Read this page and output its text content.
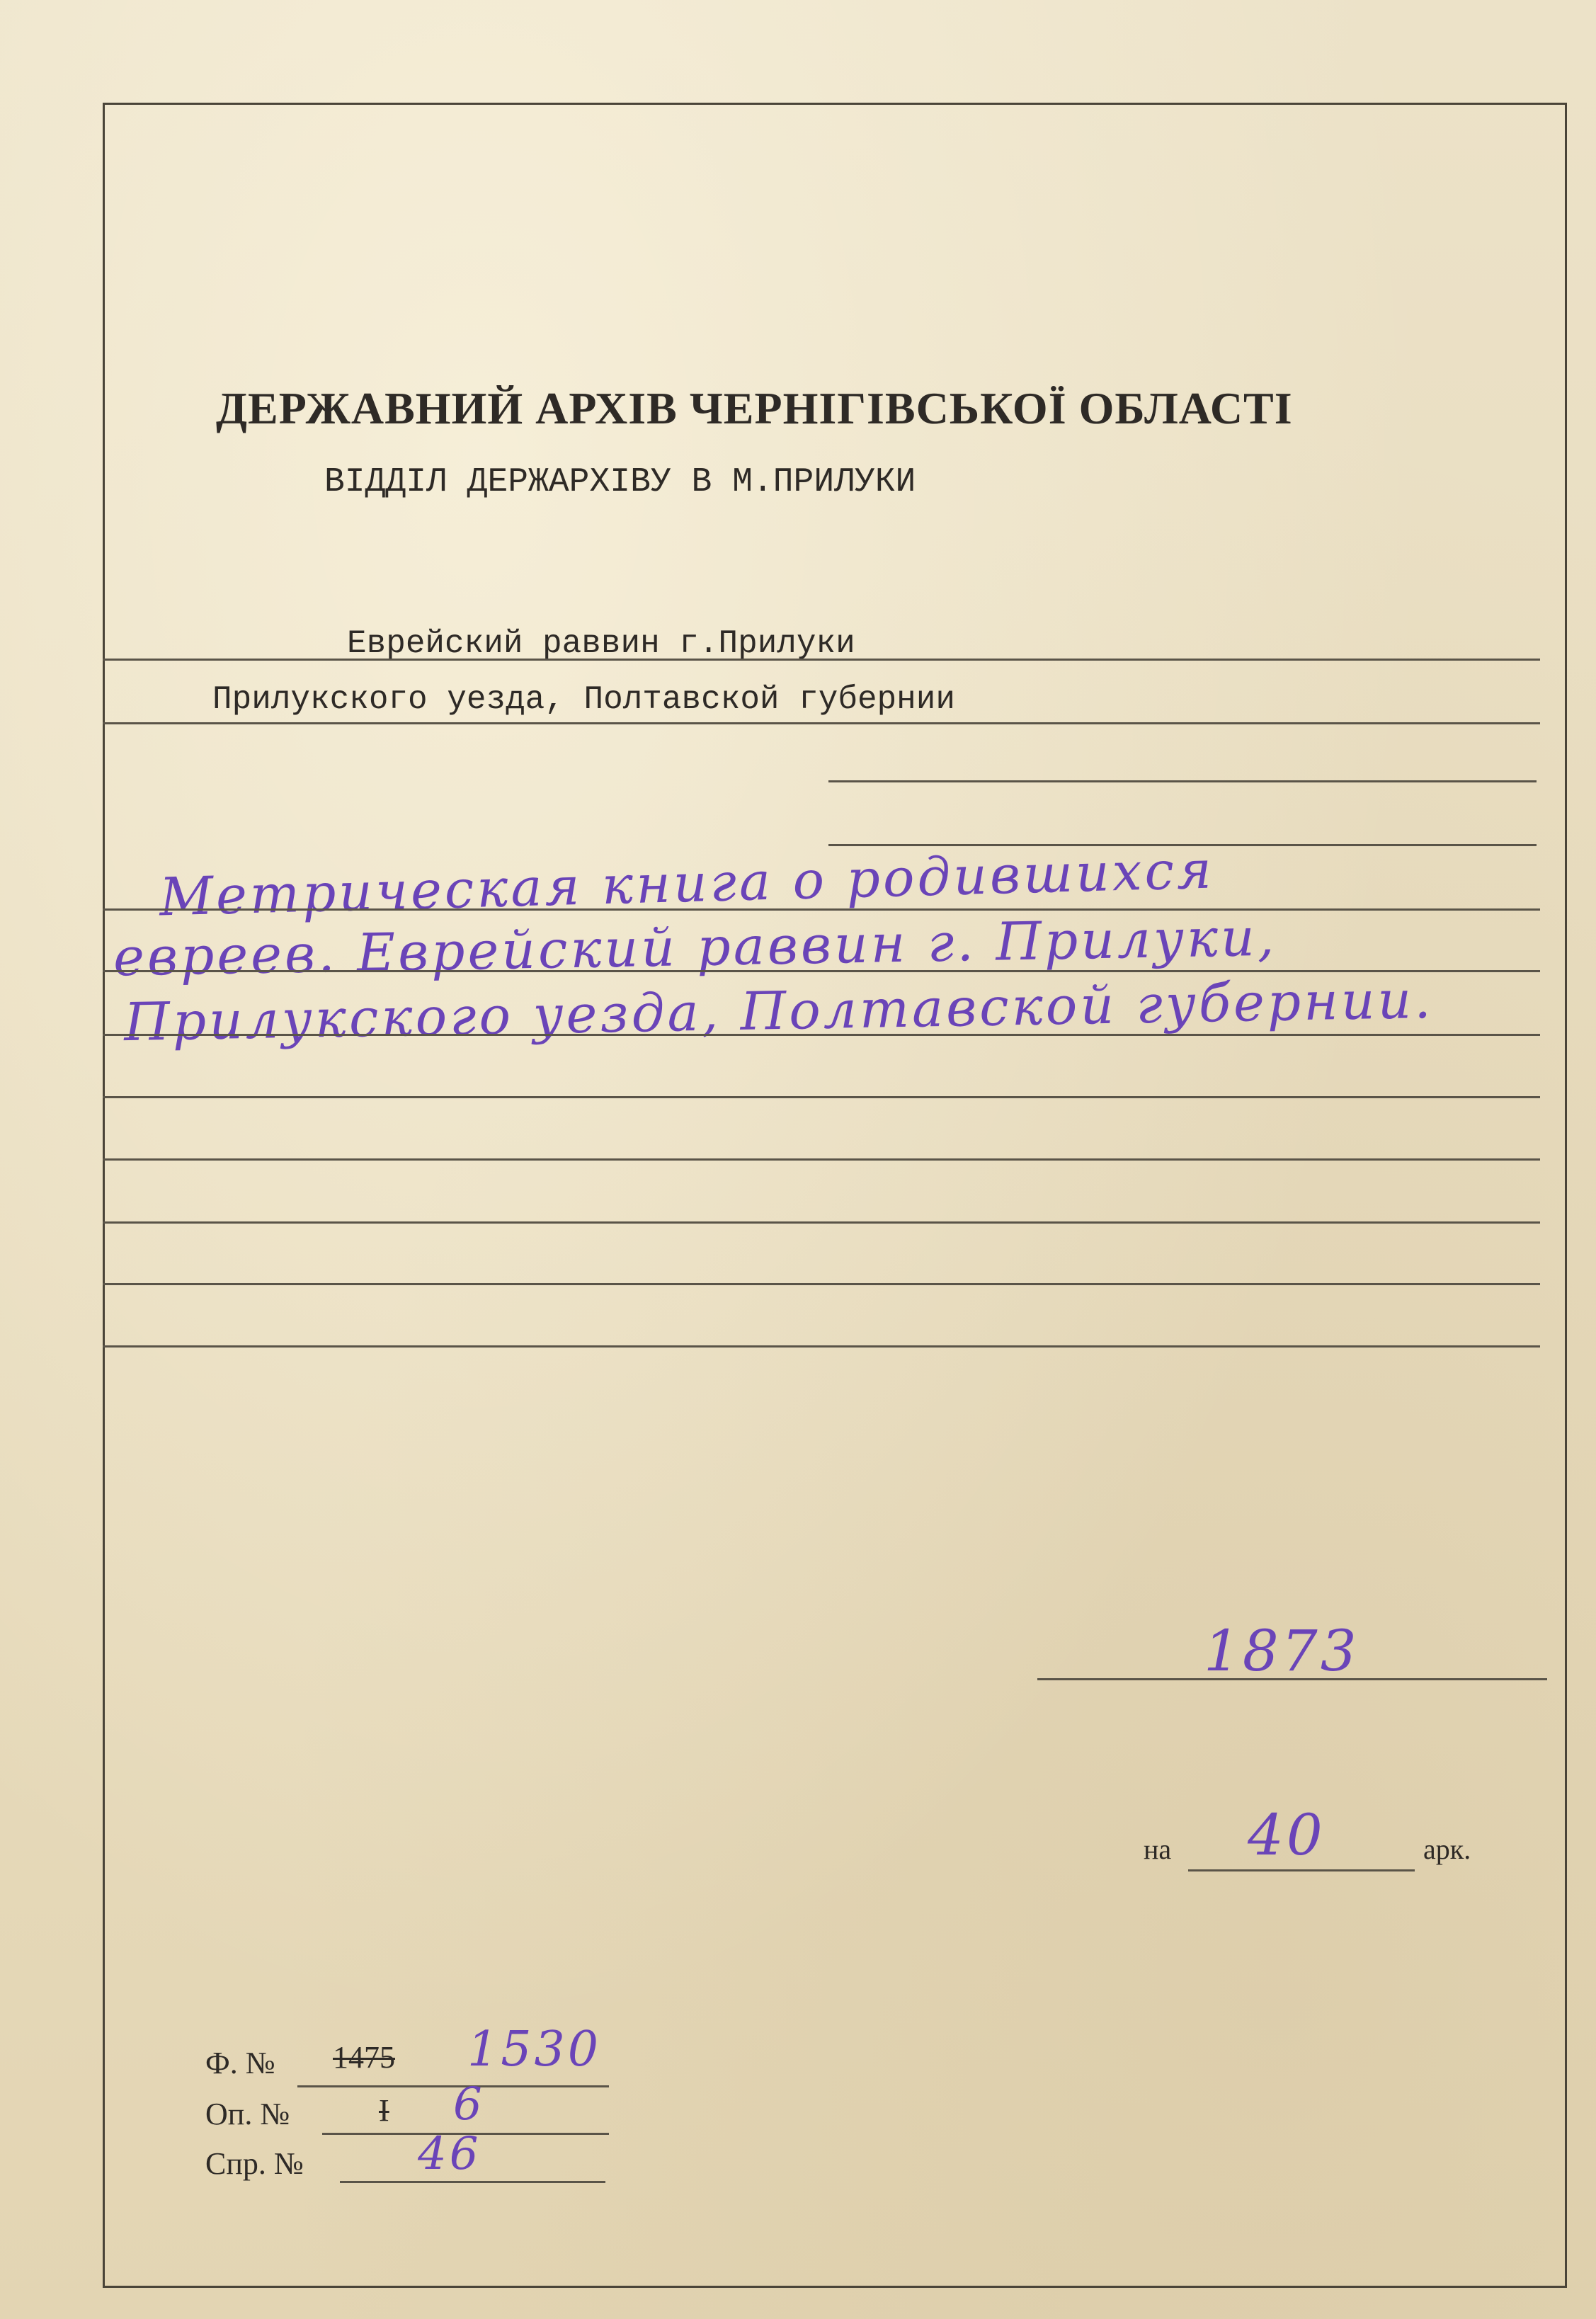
ДЕРЖАВНИЙ АРХІВ ЧЕРНІГІВСЬКОЇ ОБЛАСТІ
ВІДДІЛ ДЕРЖАРХІВУ В М.ПРИЛУКИ
Еврейский раввин г.Прилуки
Прилукского уезда, Полтавской губернии
Метрическая книга о родившихся
евреев. Еврейский раввин г. Прилуки,
Прилукского уезда, Полтавской губернии.
1873
на 40	арк.
Ф. № 1475 1530
Оп. №	I 6
Спр. №	46
